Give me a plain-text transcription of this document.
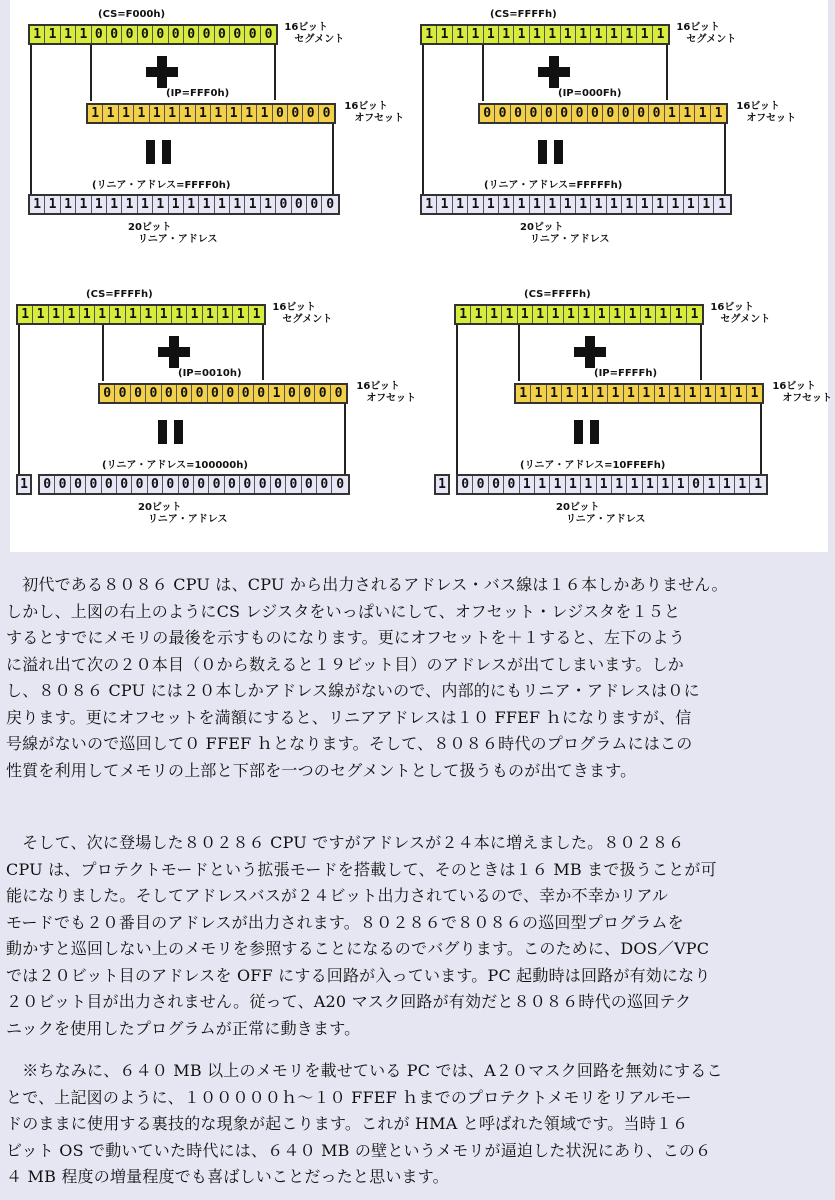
(CS=F000h)
1 1 1 1 0 0 0 0 0 0 0 0 0 0 0 0	16ビット
セグメント
(IP=FFF0h)
1 1 1 1 1 1 1 1 1 1 1 1 0 0 0 0	16ビット
オフセット
(リニア・アドレス=FFFF0h)
1 1 1 1 1 1 1 1 1 1 1 1 1 1 1 1 0 0 0 0
20ビット
リニア・アドレス
(CS=FFFFh)
1 1 1 1 1 1 1 1 1 1 1 1 1 1 1 1	16ビット
セグメント
(IP=000Fh)
0 0 0 0 0 0 0 0 0 0 0 0 1 1 1 1	16ビット
オフセット
(リニア・アドレス=FFFFFh)
1 1 1 1 1 1 1 1 1 1 1 1 1 1 1 1 1 1 1 1
20ビット
リニア・アドレス
(CS=FFFFh)
1 1 1 1 1 1 1 1 1 1 1 1 1 1 1 1	16ビット
セグメント
(IP=0010h)
0 0 0 0 0 0 0 0 0 0 0 1 0 0 0 0	16ビット
オフセット
(リニア・アドレス=100000h)
1	0 0 0 0 0 0 0 0 0 0 0 0 0 0 0 0 0 0 0 0
20ビット
リニア・アドレス
(CS=FFFFh)
1 1 1 1 1 1 1 1 1 1 1 1 1 1 1 1	16ビット
セグメント
(IP=FFFFh)
1 1 1 1 1 1 1 1 1 1 1 1 1 1 1 1	16ビット
オフセット
(リニア・アドレス=10FFEFh)
1	0 0 0 0 1 1 1 1 1 1 1 1 1 1 1 0 1 1 1 1
20ビット
リニア・アドレス
　初代である８０８６ CPU は、CPU から出力されるアドレス・バス線は１６本しかありません。
しかし、上図の右上のようにCS レジスタをいっぱいにして、オフセット・レジスタを１５と
するとすでにメモリの最後を示すものになります。更にオフセットを＋１すると、左下のよう
に溢れ出て次の２０本目（０から数えると１９ビット目）のアドレスが出てしまいます。しか
し、８０８６ CPU には２０本しかアドレス線がないので、内部的にもリニア・アドレスは０に
戻ります。更にオフセットを満額にすると、リニアアドレスは１０ FFEF ｈになりますが、信
号線がないので巡回して０ FFEF ｈとなります。そして、８０８６時代のプログラムにはこの
性質を利用してメモリの上部と下部を一つのセグメントとして扱うものが出てきます。
　そして、次に登場した８０２８６ CPU ですがアドレスが２４本に増えました。８０２８６
CPU は、プロテクトモードという拡張モードを搭載して、そのときは１６ MB まで扱うことが可
能になりました。そしてアドレスバスが２４ビット出力されているので、幸か不幸かリアル
モードでも２０番目のアドレスが出力されます。８０２８６で８０８６の巡回型プログラムを
動かすと巡回しない上のメモリを参照することになるのでバグります。このために、DOS／VPC
では２０ビット目のアドレスを OFF にする回路が入っています。PC 起動時は回路が有効になり
２０ビット目が出力されません。従って、A20 マスク回路が有効だと８０８６時代の巡回テク
ニックを使用したプログラムが正常に動きます。
　※ちなみに、６４０ MB 以上のメモリを載せている PC では、A２０マスク回路を無効にするこ
とで、上記図のように、１０００００ｈ～１０ FFEF ｈまでのプロテクトメモリをリアルモー
ドのままに使用する裏技的な現象が起こります。これが HMA と呼ばれた領域です。当時１６
ビット OS で動いていた時代には、６４０ MB の壁というメモリが逼迫した状況にあり、この６
４ MB 程度の増量程度でも喜ばしいことだったと思います。
